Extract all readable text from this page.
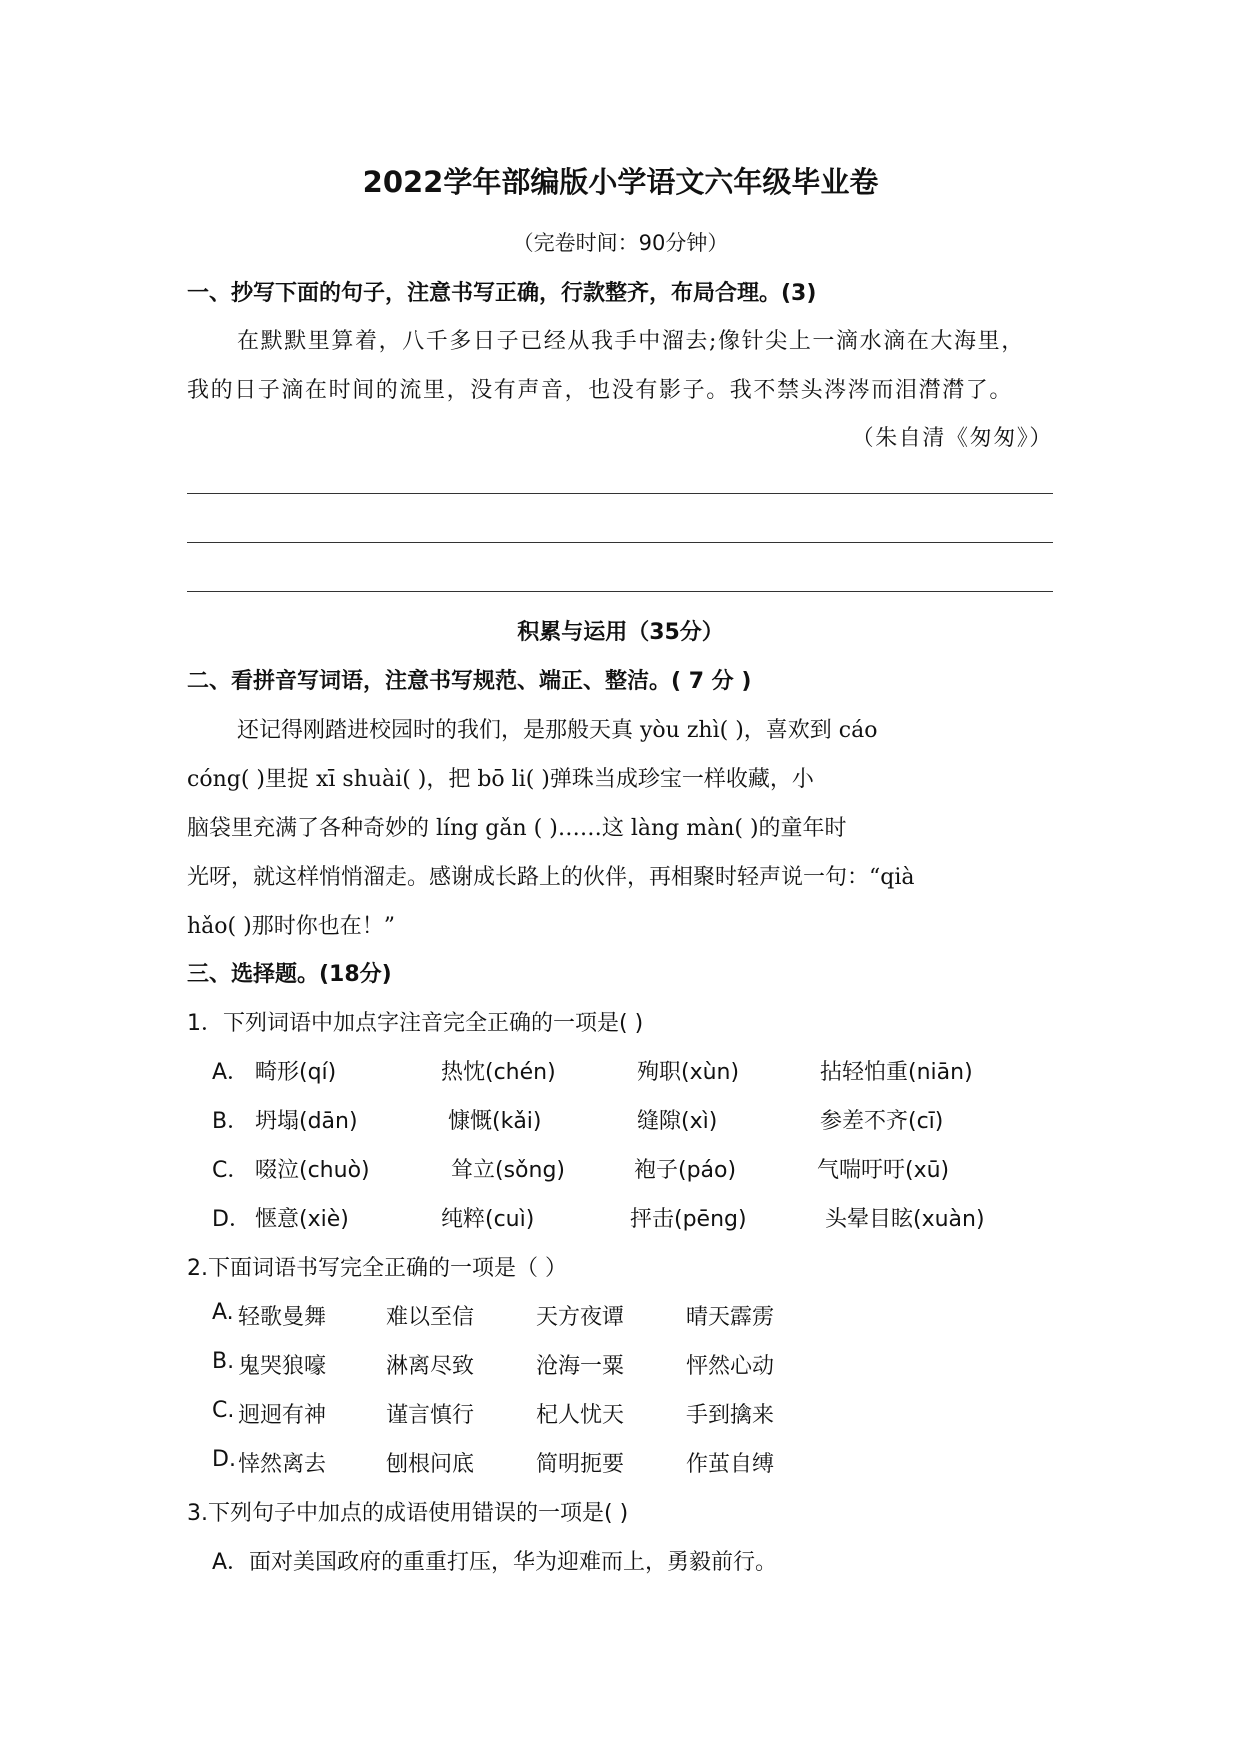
2022学年部编版小学语文六年级毕业卷
（完卷时间：90分钟）
一、抄写下面的句子，注意书写正确，行款整齐，布局合理。(3)
在默默里算着，八千多日子已经从我手中溜去;像针尖上一滴水滴在大海里，
我的日子滴在时间的流里，没有声音，也没有影子。我不禁头涔涔而泪潸潸了。
（朱自清《匆匆》）
积累与运用（35分）
二、看拼音写词语，注意书写规范、端正、整洁。( 7 分 )
还记得刚踏进校园时的我们，是那般天真 yòu zhì( )，喜欢到 cáo
cóng( )里捉 xī shuài( )，把 bō li( )弹珠当成珍宝一样收藏，小
脑袋里充满了各种奇妙的 líng gǎn ( )……这 làng màn( )的童年时
光呀，就这样悄悄溜走。感谢成长路上的伙伴，再相聚时轻声说一句：“qià
hǎo( )那时你也在！”
三、选择题。(18分)
1．下列词语中加点字注音完全正确的一项是( )
A． 畸形(qí)	热忱(chén)	殉职(xùn)	拈轻怕重(niān)
B． 坍塌(dān)	慷慨(kǎi)	缝隙(xì)	参差不齐(cī)
C． 啜泣(chuò)	耸立(sǒng)	袍子(páo)	气喘吁吁(xū)
D． 惬意(xiè)	纯粹(cuì)	抨击(pēng)	头晕目眩(xuàn)
2.下面词语书写完全正确的一项是（ ）
A. 轻歌曼舞	难以至信	天方夜谭	晴天霹雳
B. 鬼哭狼嚎	淋离尽致	沧海一粟	怦然心动
C. 迥迥有神	谨言慎行	杞人忧天	手到擒来
D. 悻然离去	刨根问底	简明扼要	作茧自缚
3.下列句子中加点的成语使用错误的一项是( )
A．面对美国政府的重重打压，华为迎难而上，勇毅前行。
